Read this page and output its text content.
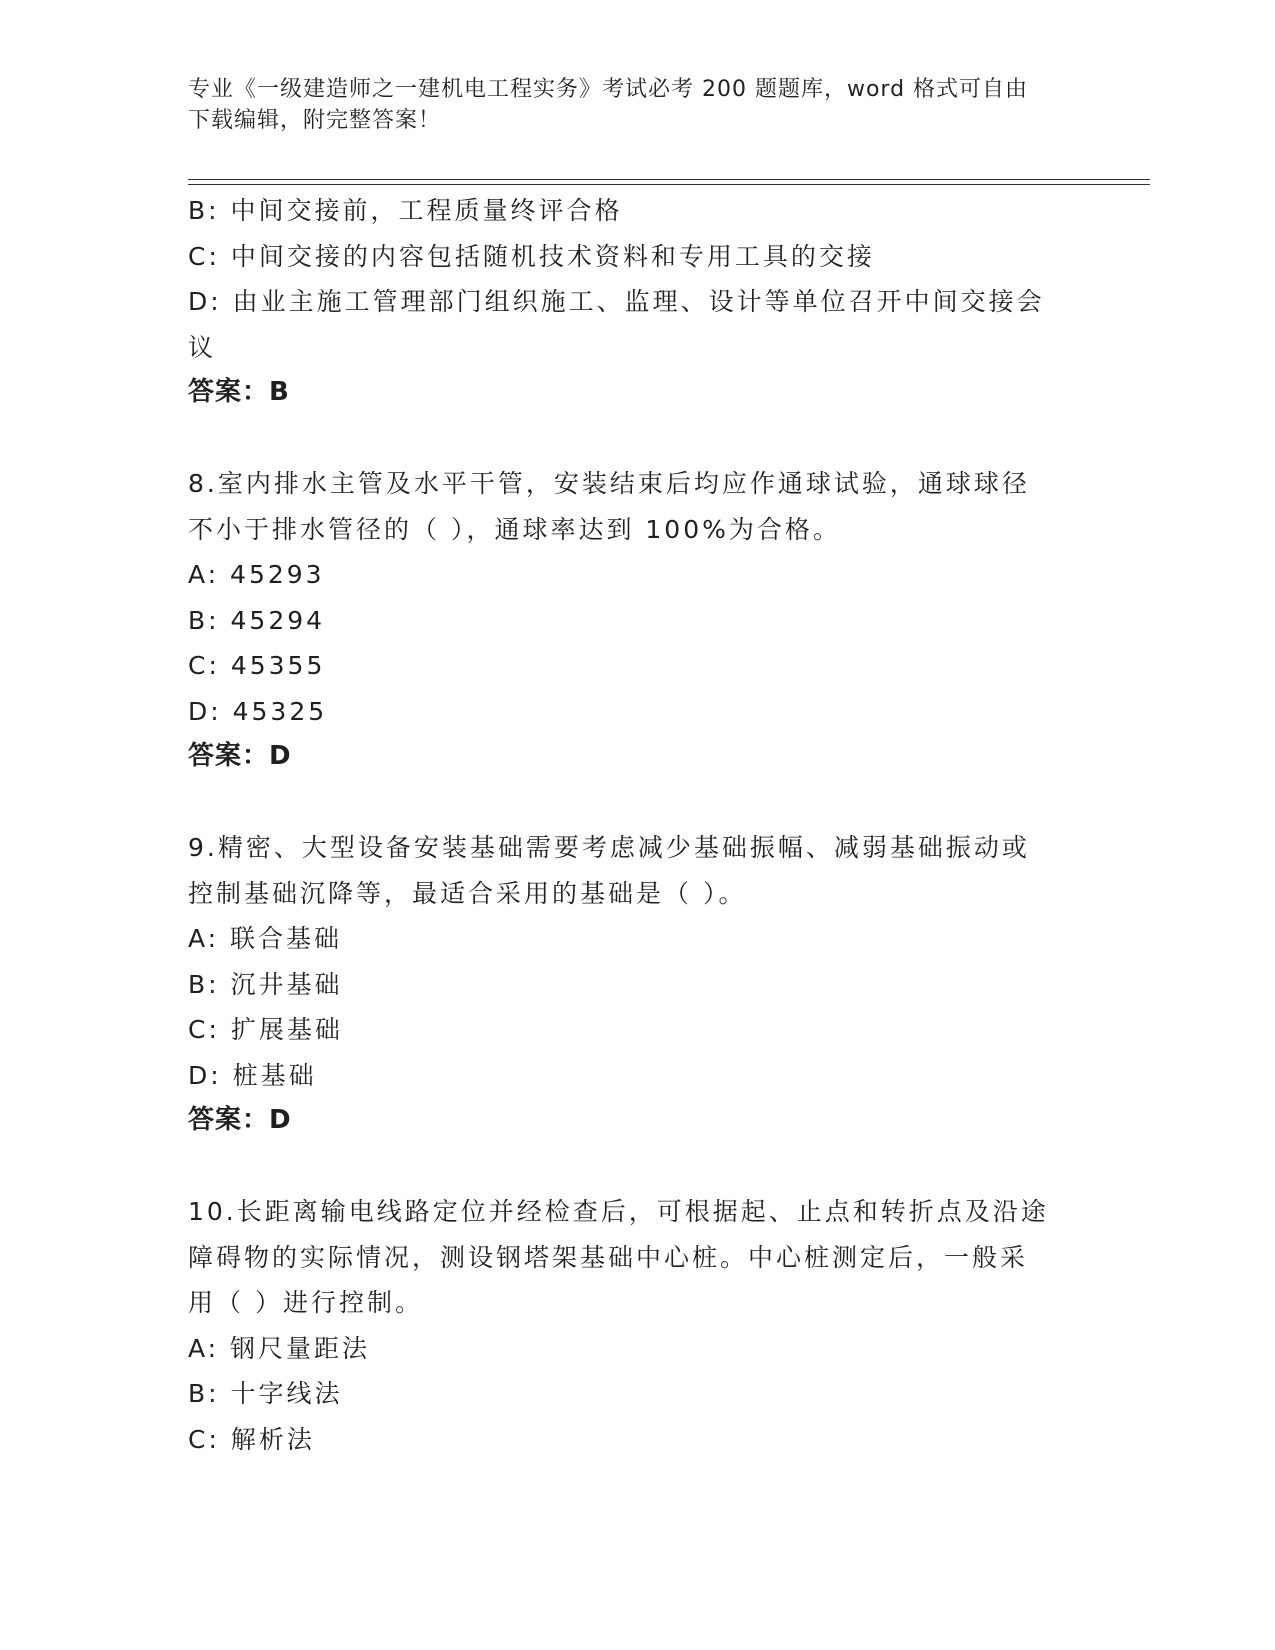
专业《一级建造师之一建机电工程实务》考试必考 200 题题库，word 格式可自由
下载编辑，附完整答案！
B: 中间交接前，工程质量终评合格
C: 中间交接的内容包括随机技术资料和专用工具的交接
D: 由业主施工管理部门组织施工、监理、设计等单位召开中间交接会
议
答案：B
8.室内排水主管及水平干管，安装结束后均应作通球试验，通球球径
不小于排水管径的（ ），通球率达到 100%为合格。
A: 45293
B: 45294
C: 45355
D: 45325
答案：D
9.精密、大型设备安装基础需要考虑减少基础振幅、减弱基础振动或
控制基础沉降等，最适合采用的基础是（ ）。
A: 联合基础
B: 沉井基础
C: 扩展基础
D: 桩基础
答案：D
10.长距离输电线路定位并经检查后，可根据起、止点和转折点及沿途
障碍物的实际情况，测设钢塔架基础中心桩。中心桩测定后，一般采
用（ ）进行控制。
A: 钢尺量距法
B: 十字线法
C: 解析法
